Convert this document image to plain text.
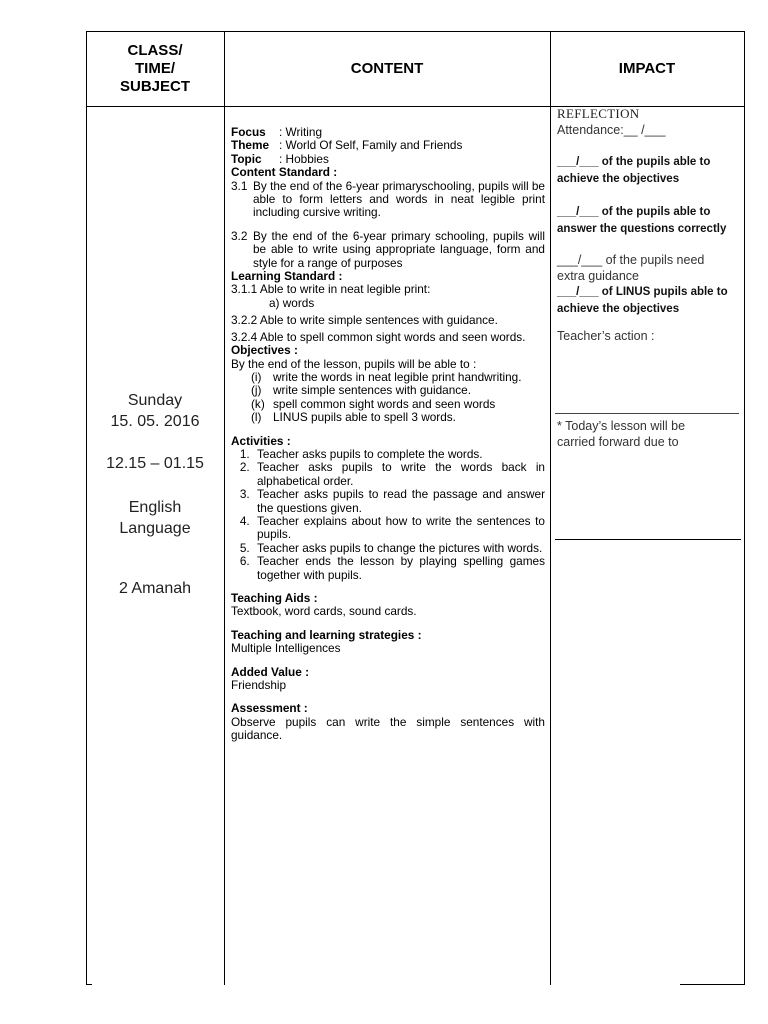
CLASS/
TIME/
SUBJECT
CONTENT	IMPACT
Sunday
15. 05. 2016
12.15 – 01.15
English
Language
2 Amanah
Focus : Writing
Theme : World Of Self, Family and Friends
Topic : Hobbies
Content Standard :
3.1 By the end of the 6-year primaryschooling, pupils will be able to form letters and words in neat legible print including cursive writing.
3.2 By the end of the 6-year primary schooling, pupils will be able to write using appropriate language, form and style for a range of purposes
Learning Standard :
3.1.1 Able to write in neat legible print:
a) words
3.2.2 Able to write simple sentences with guidance.
3.2.4 Able to spell common sight words and seen words.
Objectives :
By the end of the lesson, pupils will be able to :
(i) write the words in neat legible print handwriting.
(j) write simple sentences with guidance.
(k) spell common sight words and seen words
(l) LINUS pupils able to spell 3 words.
Activities :
1. Teacher asks pupils to complete the words.
2. Teacher asks pupils to write the words back in alphabetical order.
3. Teacher asks pupils to read the passage and answer the questions given.
4. Teacher explains about how to write the sentences to pupils.
5. Teacher asks pupils to change the pictures with words.
6. Teacher ends the lesson by playing spelling games together with pupils.
Teaching Aids :
Textbook, word cards, sound cards.
Teaching and learning strategies :
Multiple Intelligences
Added Value :
Friendship
Assessment :
Observe pupils can write the simple sentences with guidance.
REFLECTION
Attendance:__ /___
___/___ of the pupils able to
achieve the objectives
___/___ of the pupils able to
answer the questions correctly
___/___ of the pupils need
extra guidance
___/___ of LINUS pupils able to
achieve the objectives
Teacher’s action :
* Today’s lesson will be
carried forward due to
